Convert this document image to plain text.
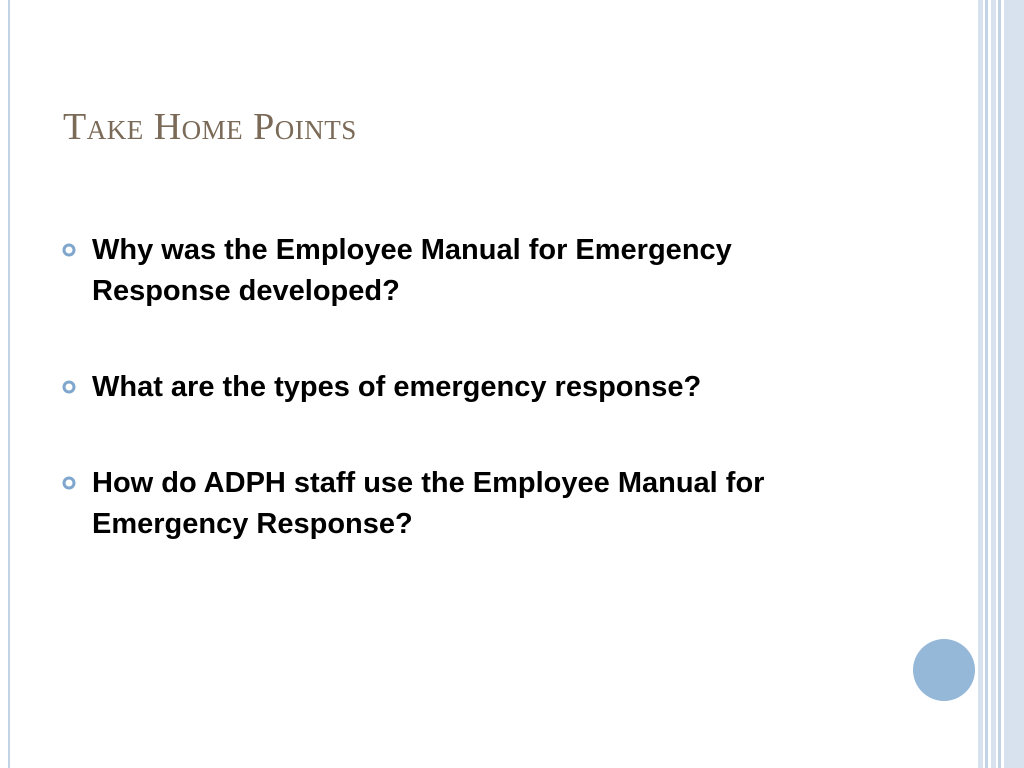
Take Home Points
Why was the Employee Manual for Emergency Response developed?
What are the types of emergency response?
How do ADPH staff use the Employee Manual for Emergency Response?
